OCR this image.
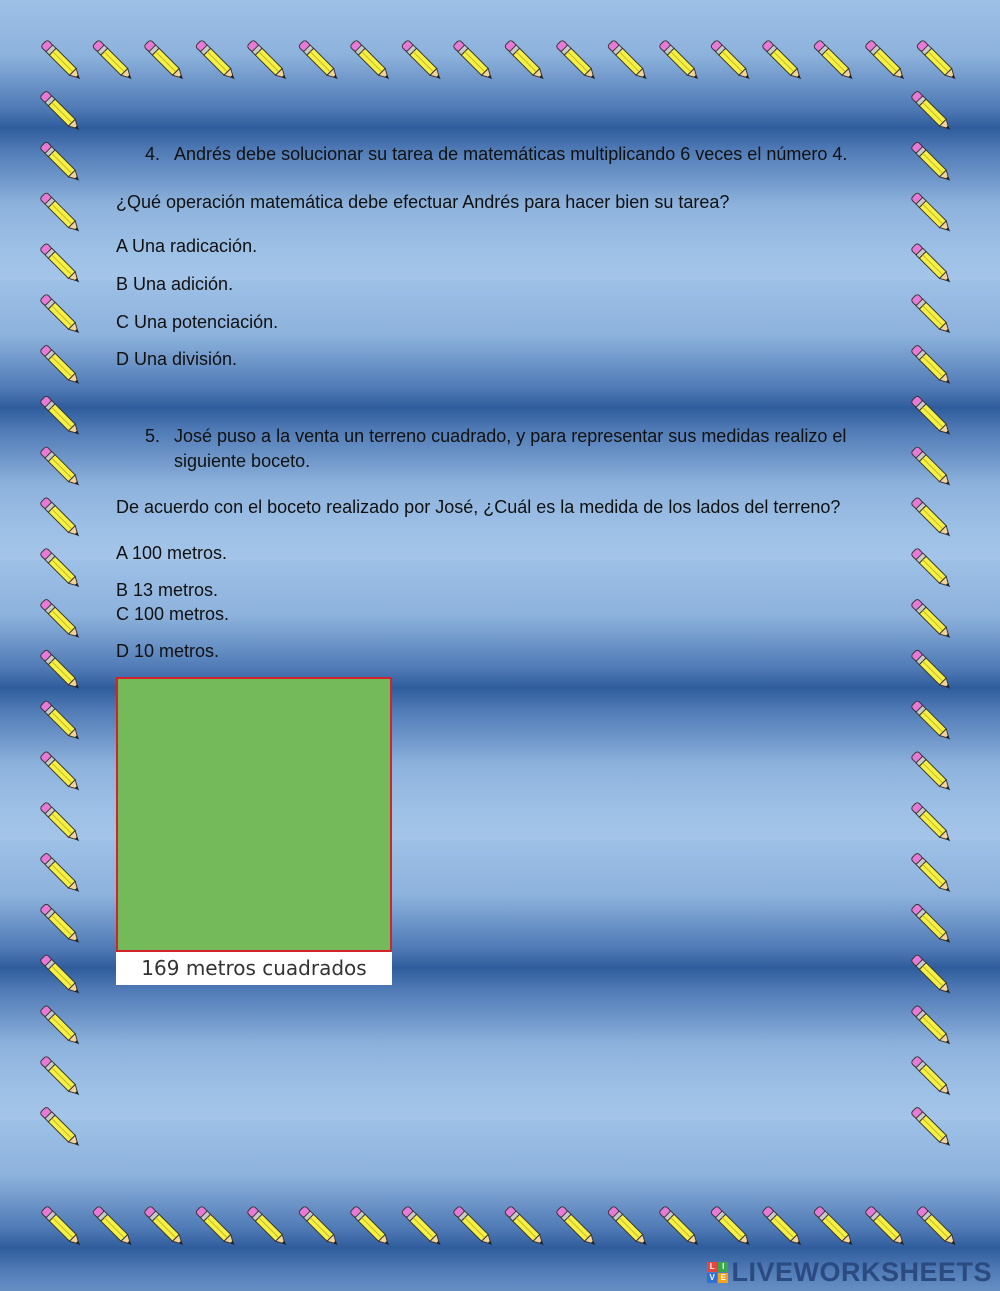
4. Andrés debe solucionar su tarea de matemáticas multiplicando 6 veces el número 4.
¿Qué operación matemática debe efectuar Andrés para hacer bien su tarea?
A Una radicación.
B Una adición.
C Una potenciación.
D Una división.
5. José puso a la venta un terreno cuadrado, y para representar sus medidas realizo el
siguiente boceto.
De acuerdo con el boceto realizado por José, ¿Cuál es la medida de los lados del terreno?
A 100 metros.
B 13 metros.
C 100 metros.
D 10 metros.
169 metros cuadrados
L I
V E LIVEWORKSHEETS
